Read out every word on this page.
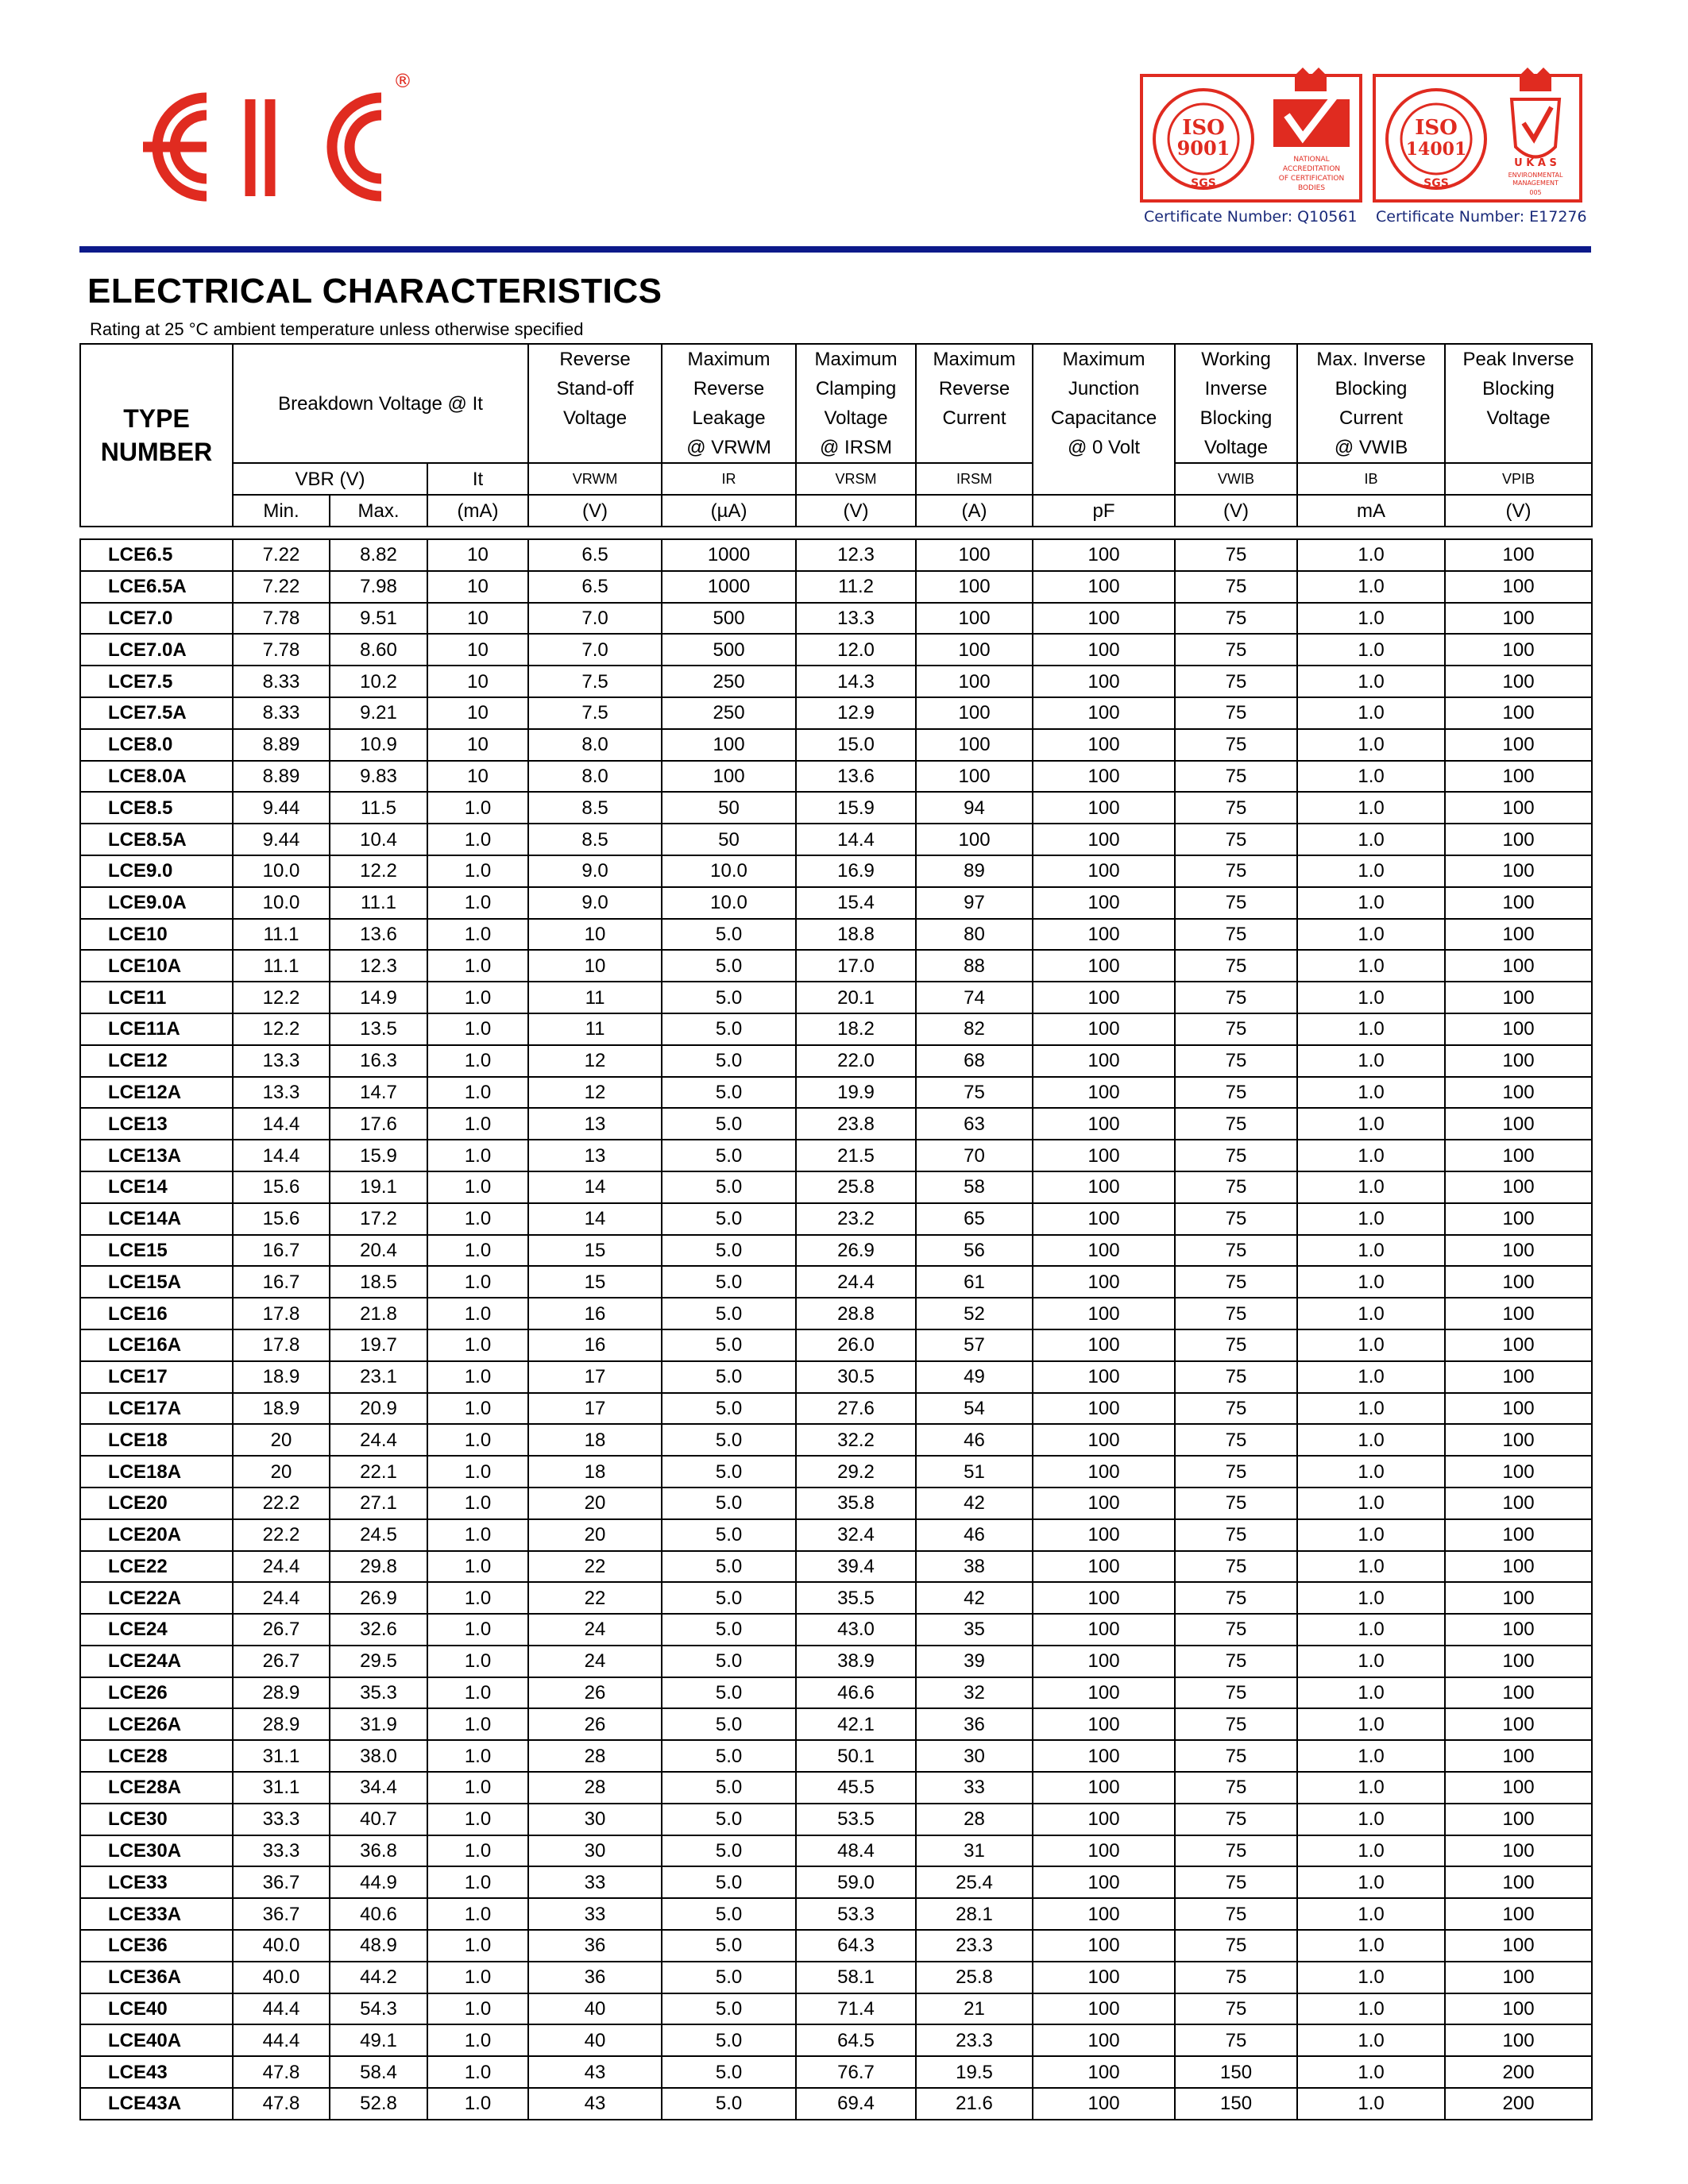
®
ISO
9001
SGS
NATIONAL
ACCREDITATION
OF CERTIFICATION
BODIES
Certificate Number: Q10561
ISO
14001
SGS
U K A S
ENVIRONMENTAL
MANAGEMENT
005
Certificate Number: E17276
ELECTRICAL CHARACTERISTICS
Rating at 25 °C ambient temperature unless otherwise specified
TYPE
NUMBER	Breakdown Voltage @ It			Reverse
Stand-off
Voltage	Maximum
Reverse
Leakage
@ VRWM	Maximum
Clamping
Voltage
@ IRSM	Maximum
Reverse
Current	Maximum
Junction
Capacitance
@ 0 Volt	Working
Inverse
Blocking
Voltage	Max. Inverse
Blocking
Current
@ VWIB	Peak Inverse
Blocking
Voltage
	VBR (V)		It	VRWM	IR	VRSM	IRSM		VWIB	IB	VPIB
	Min.	Max.	(mA)	(V)	(µA)	(V)	(A)	pF	(V)	mA	(V)

LCE6.5	7.22	8.82	10	6.5	1000	12.3	100	100	75	1.0	100
LCE6.5A	7.22	7.98	10	6.5	1000	11.2	100	100	75	1.0	100
LCE7.0	7.78	9.51	10	7.0	500	13.3	100	100	75	1.0	100
LCE7.0A	7.78	8.60	10	7.0	500	12.0	100	100	75	1.0	100
LCE7.5	8.33	10.2	10	7.5	250	14.3	100	100	75	1.0	100
LCE7.5A	8.33	9.21	10	7.5	250	12.9	100	100	75	1.0	100
LCE8.0	8.89	10.9	10	8.0	100	15.0	100	100	75	1.0	100
LCE8.0A	8.89	9.83	10	8.0	100	13.6	100	100	75	1.0	100
LCE8.5	9.44	11.5	1.0	8.5	50	15.9	94	100	75	1.0	100
LCE8.5A	9.44	10.4	1.0	8.5	50	14.4	100	100	75	1.0	100
LCE9.0	10.0	12.2	1.0	9.0	10.0	16.9	89	100	75	1.0	100
LCE9.0A	10.0	11.1	1.0	9.0	10.0	15.4	97	100	75	1.0	100
LCE10	11.1	13.6	1.0	10	5.0	18.8	80	100	75	1.0	100
LCE10A	11.1	12.3	1.0	10	5.0	17.0	88	100	75	1.0	100
LCE11	12.2	14.9	1.0	11	5.0	20.1	74	100	75	1.0	100
LCE11A	12.2	13.5	1.0	11	5.0	18.2	82	100	75	1.0	100
LCE12	13.3	16.3	1.0	12	5.0	22.0	68	100	75	1.0	100
LCE12A	13.3	14.7	1.0	12	5.0	19.9	75	100	75	1.0	100
LCE13	14.4	17.6	1.0	13	5.0	23.8	63	100	75	1.0	100
LCE13A	14.4	15.9	1.0	13	5.0	21.5	70	100	75	1.0	100
LCE14	15.6	19.1	1.0	14	5.0	25.8	58	100	75	1.0	100
LCE14A	15.6	17.2	1.0	14	5.0	23.2	65	100	75	1.0	100
LCE15	16.7	20.4	1.0	15	5.0	26.9	56	100	75	1.0	100
LCE15A	16.7	18.5	1.0	15	5.0	24.4	61	100	75	1.0	100
LCE16	17.8	21.8	1.0	16	5.0	28.8	52	100	75	1.0	100
LCE16A	17.8	19.7	1.0	16	5.0	26.0	57	100	75	1.0	100
LCE17	18.9	23.1	1.0	17	5.0	30.5	49	100	75	1.0	100
LCE17A	18.9	20.9	1.0	17	5.0	27.6	54	100	75	1.0	100
LCE18	20	24.4	1.0	18	5.0	32.2	46	100	75	1.0	100
LCE18A	20	22.1	1.0	18	5.0	29.2	51	100	75	1.0	100
LCE20	22.2	27.1	1.0	20	5.0	35.8	42	100	75	1.0	100
LCE20A	22.2	24.5	1.0	20	5.0	32.4	46	100	75	1.0	100
LCE22	24.4	29.8	1.0	22	5.0	39.4	38	100	75	1.0	100
LCE22A	24.4	26.9	1.0	22	5.0	35.5	42	100	75	1.0	100
LCE24	26.7	32.6	1.0	24	5.0	43.0	35	100	75	1.0	100
LCE24A	26.7	29.5	1.0	24	5.0	38.9	39	100	75	1.0	100
LCE26	28.9	35.3	1.0	26	5.0	46.6	32	100	75	1.0	100
LCE26A	28.9	31.9	1.0	26	5.0	42.1	36	100	75	1.0	100
LCE28	31.1	38.0	1.0	28	5.0	50.1	30	100	75	1.0	100
LCE28A	31.1	34.4	1.0	28	5.0	45.5	33	100	75	1.0	100
LCE30	33.3	40.7	1.0	30	5.0	53.5	28	100	75	1.0	100
LCE30A	33.3	36.8	1.0	30	5.0	48.4	31	100	75	1.0	100
LCE33	36.7	44.9	1.0	33	5.0	59.0	25.4	100	75	1.0	100
LCE33A	36.7	40.6	1.0	33	5.0	53.3	28.1	100	75	1.0	100
LCE36	40.0	48.9	1.0	36	5.0	64.3	23.3	100	75	1.0	100
LCE36A	40.0	44.2	1.0	36	5.0	58.1	25.8	100	75	1.0	100
LCE40	44.4	54.3	1.0	40	5.0	71.4	21	100	75	1.0	100
LCE40A	44.4	49.1	1.0	40	5.0	64.5	23.3	100	75	1.0	100
LCE43	47.8	58.4	1.0	43	5.0	76.7	19.5	100	150	1.0	200
LCE43A	47.8	52.8	1.0	43	5.0	69.4	21.6	100	150	1.0	200
